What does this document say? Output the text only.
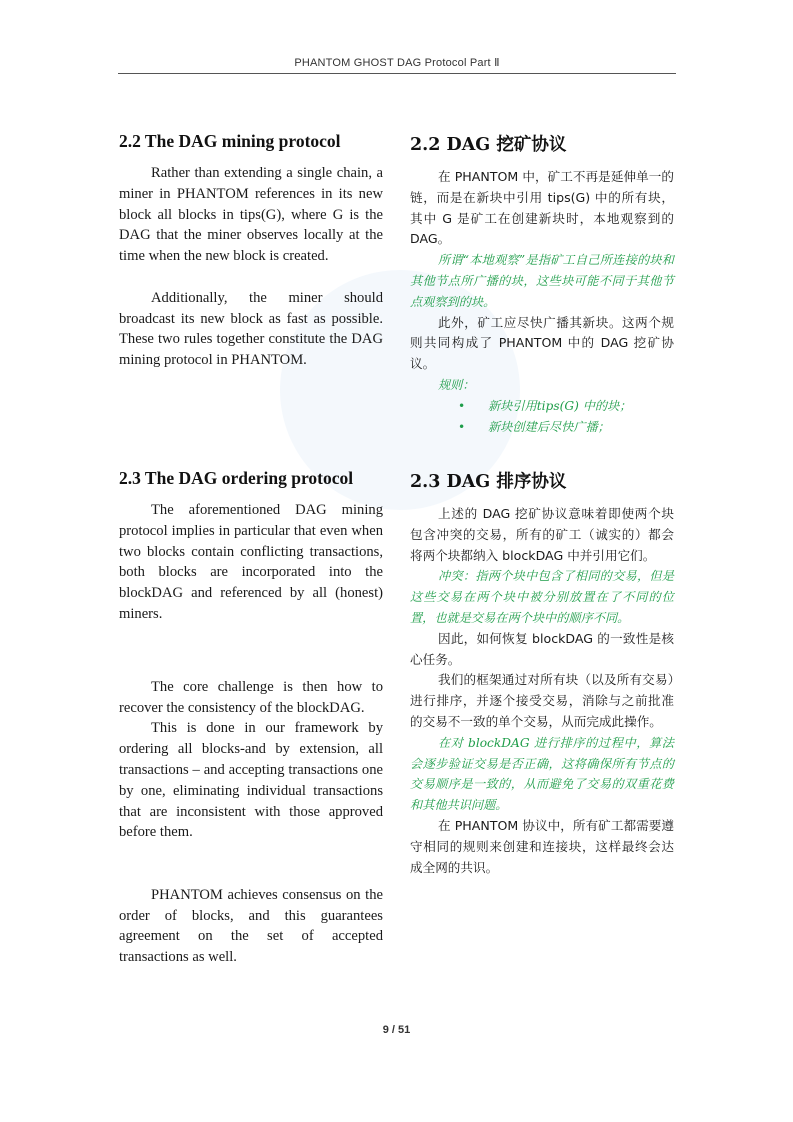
PHANTOM GHOST DAG Protocol Part Ⅱ
2.2 The DAG mining protocol

Rather than extending a single chain, a miner in PHANTOM references in its new block all blocks in tips(G), where G is the DAG that the miner observes locally at the time when the new block is created.

Additionally, the miner should broadcast its new block as fast as possible. These two rules together constitute the DAG mining protocol in PHANTOM.

2.2 DAG 挖矿协议

在 PHANTOM 中，矿工不再是延伸单一的链，而是在新块中引用 tips(G) 中的所有块，其中 G 是矿工在创建新块时，本地观察到的 DAG。

所谓“本地观察”是指矿工自己所连接的块和其他节点所广播的块，这些块可能不同于其他节点观察到的块。

此外，矿工应尽快广播其新块。这两个规则共同构成了 PHANTOM 中的 DAG 挖矿协议。

规则：

• 新块引用tips(G) 中的块；
• 新块创建后尽快广播；
2.3 The DAG ordering protocol

The aforementioned DAG mining protocol implies in particular that even when two blocks contain conflicting transactions, both blocks are incorporated into the blockDAG and referenced by all (honest) miners.

The core challenge is then how to recover the consistency of the blockDAG.

This is done in our framework by ordering all blocks-and by extension, all transactions – and accepting transactions one by one, eliminating individual transactions that are inconsistent with those approved before them.

PHANTOM achieves consensus on the order of blocks, and this guarantees agreement on the set of accepted transactions as well.

2.3 DAG 排序协议

上述的 DAG 挖矿协议意味着即使两个块包含冲突的交易，所有的矿工（诚实的）都会将两个块都纳入 blockDAG 中并引用它们。

冲突：指两个块中包含了相同的交易，但是这些交易在两个块中被分别放置在了不同的位置，也就是交易在两个块中的顺序不同。

因此，如何恢复 blockDAG 的一致性是核心任务。

我们的框架通过对所有块（以及所有交易）进行排序，并逐个接受交易，消除与之前批准的交易不一致的单个交易，从而完成此操作。

在对 blockDAG 进行排序的过程中，算法会逐步验证交易是否正确，这将确保所有节点的交易顺序是一致的，从而避免了交易的双重花费和其他共识问题。

在 PHANTOM 协议中，所有矿工都需要遵守相同的规则来创建和连接块，这样最终会达成全网的共识。

9 / 51
